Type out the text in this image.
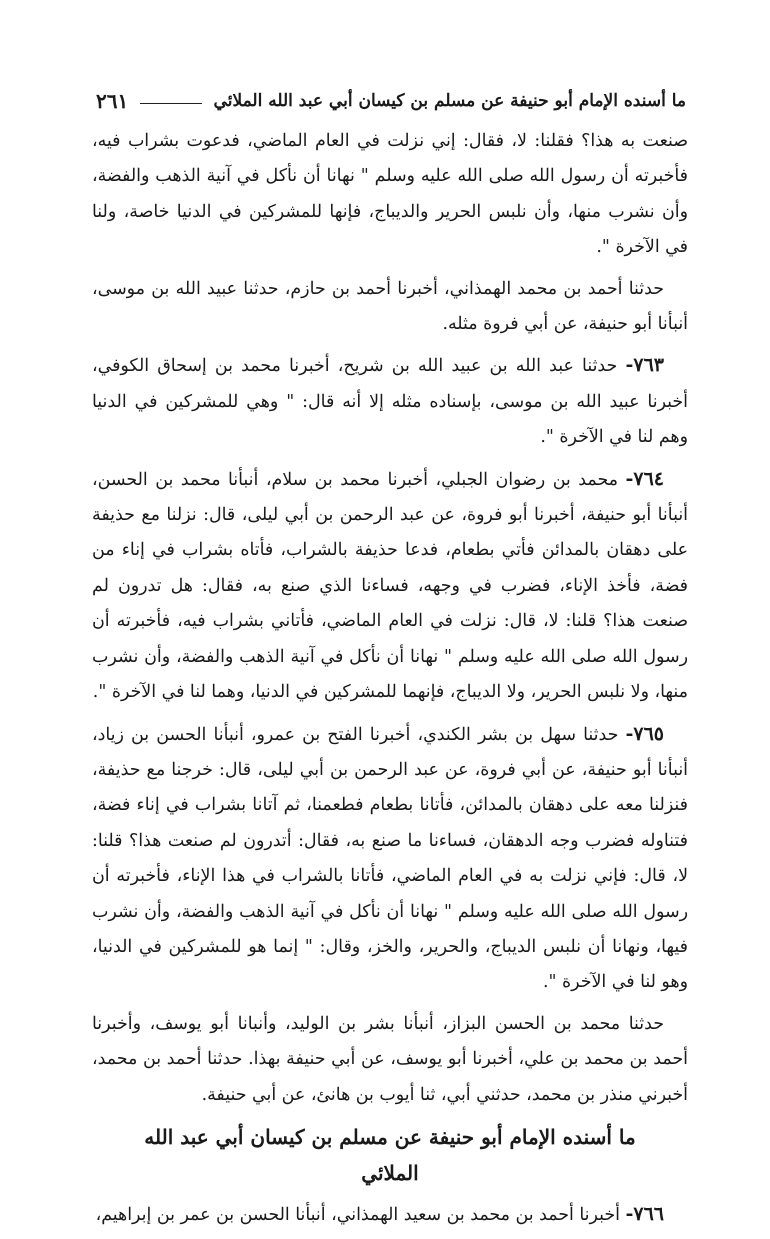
ما أسنده الإمام أبو حنيفة عن مسلم بن كيسان أبي عبد الله الملائي
٢٦١

صنعت به هذا؟ فقلنا: لا، فقال: إني نزلت في العام الماضي، فدعوت بشراب فيه، فأخبرته أن رسول الله صلى الله عليه وسلم " نهانا أن نأكل في آنية الذهب والفضة، وأن نشرب منها، وأن نلبس الحرير والديباج، فإنها للمشركين في الدنيا خاصة، ولنا في الآخرة ".

حدثنا أحمد بن محمد الهمذاني، أخبرنا أحمد بن حازم، حدثنا عبيد الله بن موسى، أنبأنا أبو حنيفة، عن أبي فروة مثله.

٧٦٣- حدثنا عبد الله بن عبيد الله بن شريح، أخبرنا محمد بن إسحاق الكوفي، أخبرنا عبيد الله بن موسى، بإسناده مثله إلا أنه قال: " وهي للمشركين في الدنيا وهم لنا في الآخرة ".

٧٦٤- محمد بن رضوان الجبلي، أخبرنا محمد بن سلام، أنبأنا محمد بن الحسن، أنبأنا أبو حنيفة، أخبرنا أبو فروة، عن عبد الرحمن بن أبي ليلى، قال: نزلنا مع حذيفة على دهقان بالمدائن فأتي بطعام، فدعا حذيفة بالشراب، فأتاه بشراب في إناء من فضة، فأخذ الإناء، فضرب في وجهه، فساءنا الذي صنع به، فقال: هل تدرون لم صنعت هذا؟ قلنا: لا، قال: نزلت في العام الماضي، فأتاني بشراب فيه، فأخبرته أن رسول الله صلى الله عليه وسلم " نهانا أن نأكل في آنية الذهب والفضة، وأن نشرب منها، ولا نلبس الحرير، ولا الديباج، فإنهما للمشركين في الدنيا، وهما لنا في الآخرة ".

٧٦٥- حدثنا سهل بن بشر الكندي، أخبرنا الفتح بن عمرو، أنبأنا الحسن بن زياد، أنبأنا أبو حنيفة، عن أبي فروة، عن عبد الرحمن بن أبي ليلى، قال: خرجنا مع حذيفة، فنزلنا معه على دهقان بالمدائن، فأتانا بطعام فطعمنا، ثم آتانا بشراب في إناء فضة، فتناوله فضرب وجه الدهقان، فساءنا ما صنع به، فقال: أتدرون لم صنعت هذا؟ قلنا: لا، قال: فإني نزلت به في العام الماضي، فأتانا بالشراب في هذا الإناء، فأخبرته أن رسول الله صلى الله عليه وسلم " نهانا أن نأكل في آنية الذهب والفضة، وأن نشرب فيها، ونهانا أن نلبس الديباج، والحرير، والخز، وقال: " إنما هو للمشركين في الدنيا، وهو لنا في الآخرة ".

حدثنا محمد بن الحسن البزاز، أنبأنا بشر بن الوليد، وأنبانا أبو يوسف، وأخبرنا أحمد بن محمد بن علي، أخبرنا أبو يوسف، عن أبي حنيفة بهذا. حدثنا أحمد بن محمد، أخبرني منذر بن محمد، حدثني أبي، ثنا أيوب بن هانئ، عن أبي حنيفة.

ما أسنده الإمام أبو حنيفة عن مسلم بن كيسان أبي عبد الله الملائي

٧٦٦- أخبرنا أحمد بن محمد بن سعيد الهمذاني، أنبأنا الحسن بن عمر بن إبراهيم،
